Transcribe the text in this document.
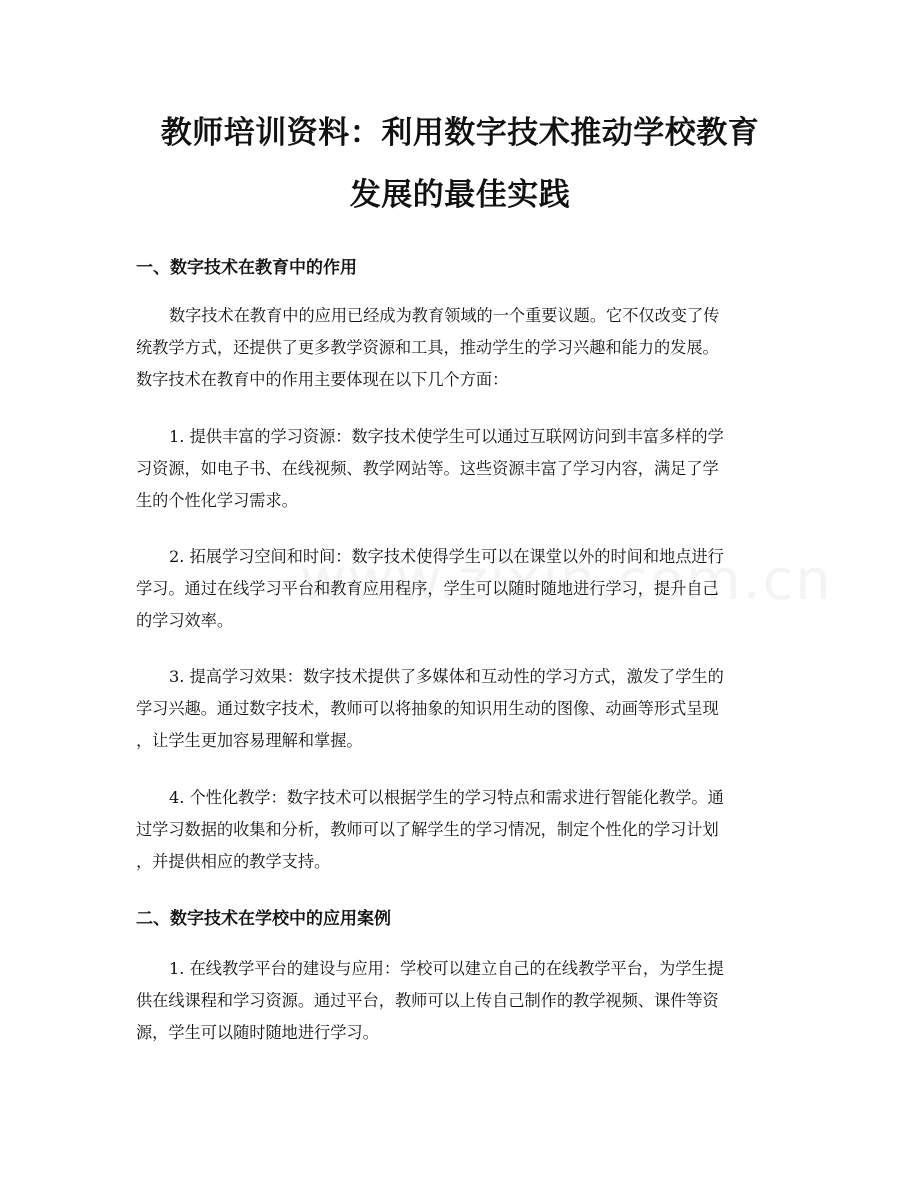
教师培训资料：利用数字技术推动学校教育
发展的最佳实践
一、数字技术在教育中的作用

数字技术在教育中的应用已经成为教育领域的一个重要议题。它不仅改变了传
统教学方式，还提供了更多教学资源和工具，推动学生的学习兴趣和能力的发展。
数字技术在教育中的作用主要体现在以下几个方面：

1. 提供丰富的学习资源：数字技术使学生可以通过互联网访问到丰富多样的学
习资源，如电子书、在线视频、教学网站等。这些资源丰富了学习内容，满足了学
生的个性化学习需求。

2. 拓展学习空间和时间：数字技术使得学生可以在课堂以外的时间和地点进行
学习。通过在线学习平台和教育应用程序，学生可以随时随地进行学习，提升自己
的学习效率。

3. 提高学习效果：数字技术提供了多媒体和互动性的学习方式，激发了学生的
学习兴趣。通过数字技术，教师可以将抽象的知识用生动的图像、动画等形式呈现
，让学生更加容易理解和掌握。

4. 个性化教学：数字技术可以根据学生的学习特点和需求进行智能化教学。通
过学习数据的收集和分析，教师可以了解学生的学习情况，制定个性化的学习计划
，并提供相应的教学支持。

二、数字技术在学校中的应用案例

1. 在线教学平台的建设与应用：学校可以建立自己的在线教学平台，为学生提
供在线课程和学习资源。通过平台，教师可以上传自己制作的教学视频、课件等资
源，学生可以随时随地进行学习。
